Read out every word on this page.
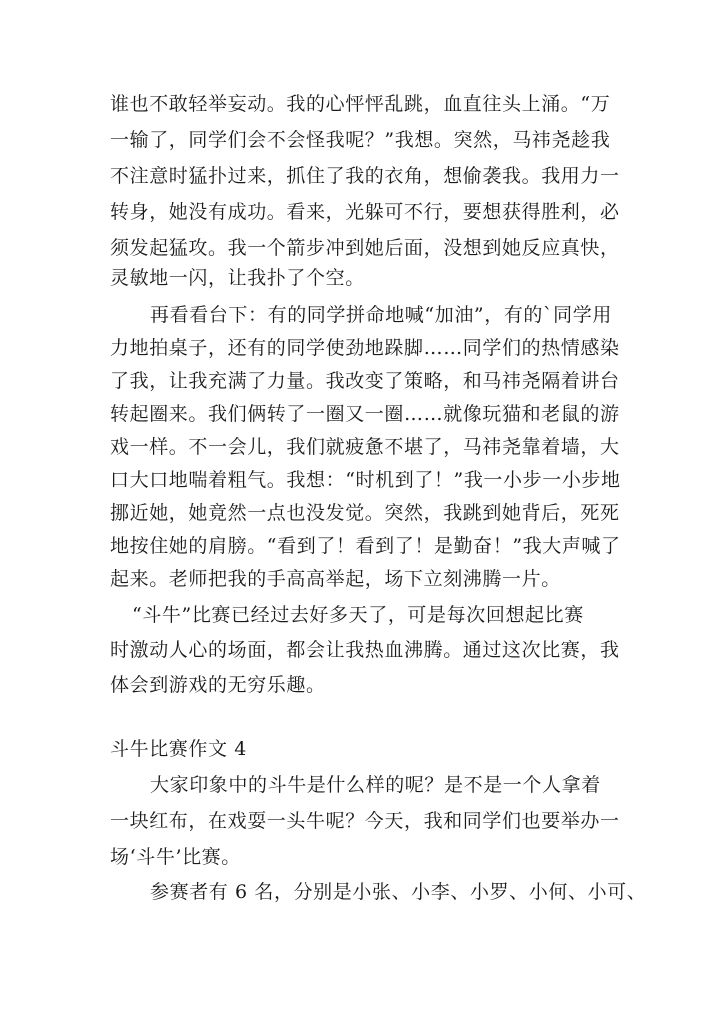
谁也不敢轻举妄动。我的心怦怦乱跳，血直往头上涌。“万
一输了，同学们会不会怪我呢？”我想。突然，马祎尧趁我
不注意时猛扑过来，抓住了我的衣角，想偷袭我。我用力一
转身，她没有成功。看来，光躲可不行，要想获得胜利，必
须发起猛攻。我一个箭步冲到她后面，没想到她反应真快，
灵敏地一闪，让我扑了个空。
再看看台下：有的同学拼命地喊“加油”，有的`同学用
力地拍桌子，还有的同学使劲地跺脚……同学们的热情感染
了我，让我充满了力量。我改变了策略，和马祎尧隔着讲台
转起圈来。我们俩转了一圈又一圈……就像玩猫和老鼠的游
戏一样。不一会儿，我们就疲惫不堪了，马祎尧靠着墙，大
口大口地喘着粗气。我想：“时机到了！”我一小步一小步地
挪近她，她竟然一点也没发觉。突然，我跳到她背后，死死
地按住她的肩膀。“看到了！看到了！是勤奋！”我大声喊了
起来。老师把我的手高高举起，场下立刻沸腾一片。
“斗牛”比赛已经过去好多天了，可是每次回想起比赛
时激动人心的场面，都会让我热血沸腾。通过这次比赛，我
体会到游戏的无穷乐趣。
斗牛比赛作文 4
大家印象中的斗牛是什么样的呢？是不是一个人拿着
一块红布，在戏耍一头牛呢？今天，我和同学们也要举办一
场‘斗牛’比赛。
参赛者有 6 名，分别是小张、小李、小罗、小何、小可、
